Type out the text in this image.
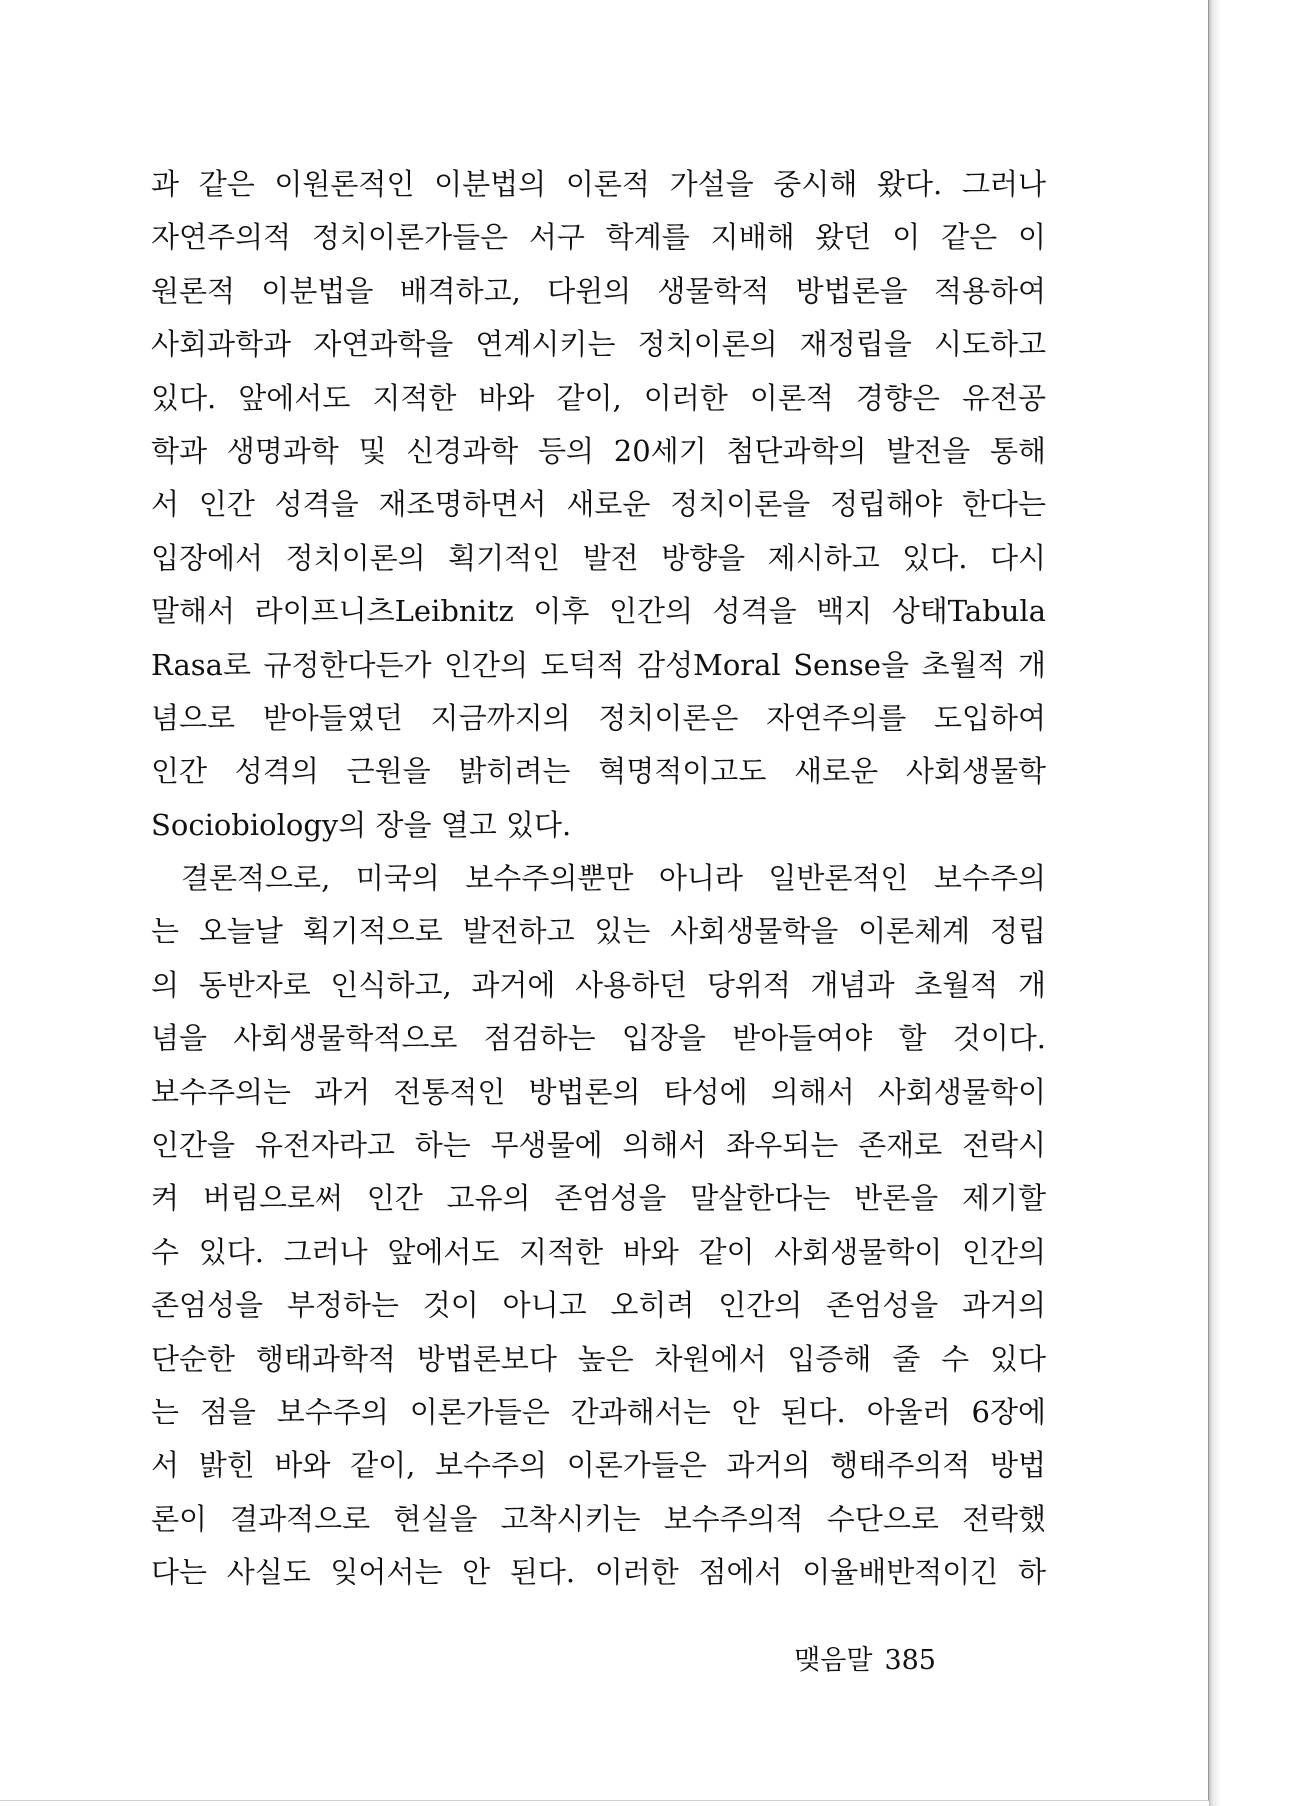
과 같은 이원론적인 이분법의 이론적 가설을 중시해 왔다. 그러나
자연주의적 정치이론가들은 서구 학계를 지배해 왔던 이 같은 이
원론적 이분법을 배격하고, 다윈의 생물학적 방법론을 적용하여
사회과학과 자연과학을 연계시키는 정치이론의 재정립을 시도하고
있다. 앞에서도 지적한 바와 같이, 이러한 이론적 경향은 유전공
학과 생명과학 및 신경과학 등의 20세기 첨단과학의 발전을 통해
서 인간 성격을 재조명하면서 새로운 정치이론을 정립해야 한다는
입장에서 정치이론의 획기적인 발전 방향을 제시하고 있다. 다시
말해서 라이프니츠Leibnitz 이후 인간의 성격을 백지 상태Tabula
Rasa로 규정한다든가 인간의 도덕적 감성Moral Sense을 초월적 개
념으로 받아들였던 지금까지의 정치이론은 자연주의를 도입하여
인간 성격의 근원을 밝히려는 혁명적이고도 새로운 사회생물학
Sociobiology의 장을 열고 있다.
결론적으로, 미국의 보수주의뿐만 아니라 일반론적인 보수주의
는 오늘날 획기적으로 발전하고 있는 사회생물학을 이론체계 정립
의 동반자로 인식하고, 과거에 사용하던 당위적 개념과 초월적 개
념을 사회생물학적으로 점검하는 입장을 받아들여야 할 것이다.
보수주의는 과거 전통적인 방법론의 타성에 의해서 사회생물학이
인간을 유전자라고 하는 무생물에 의해서 좌우되는 존재로 전락시
켜 버림으로써 인간 고유의 존엄성을 말살한다는 반론을 제기할
수 있다. 그러나 앞에서도 지적한 바와 같이 사회생물학이 인간의
존엄성을 부정하는 것이 아니고 오히려 인간의 존엄성을 과거의
단순한 행태과학적 방법론보다 높은 차원에서 입증해 줄 수 있다
는 점을 보수주의 이론가들은 간과해서는 안 된다. 아울러 6장에
서 밝힌 바와 같이, 보수주의 이론가들은 과거의 행태주의적 방법
론이 결과적으로 현실을 고착시키는 보수주의적 수단으로 전락했
다는 사실도 잊어서는 안 된다. 이러한 점에서 이율배반적이긴 하
맺음말 385
